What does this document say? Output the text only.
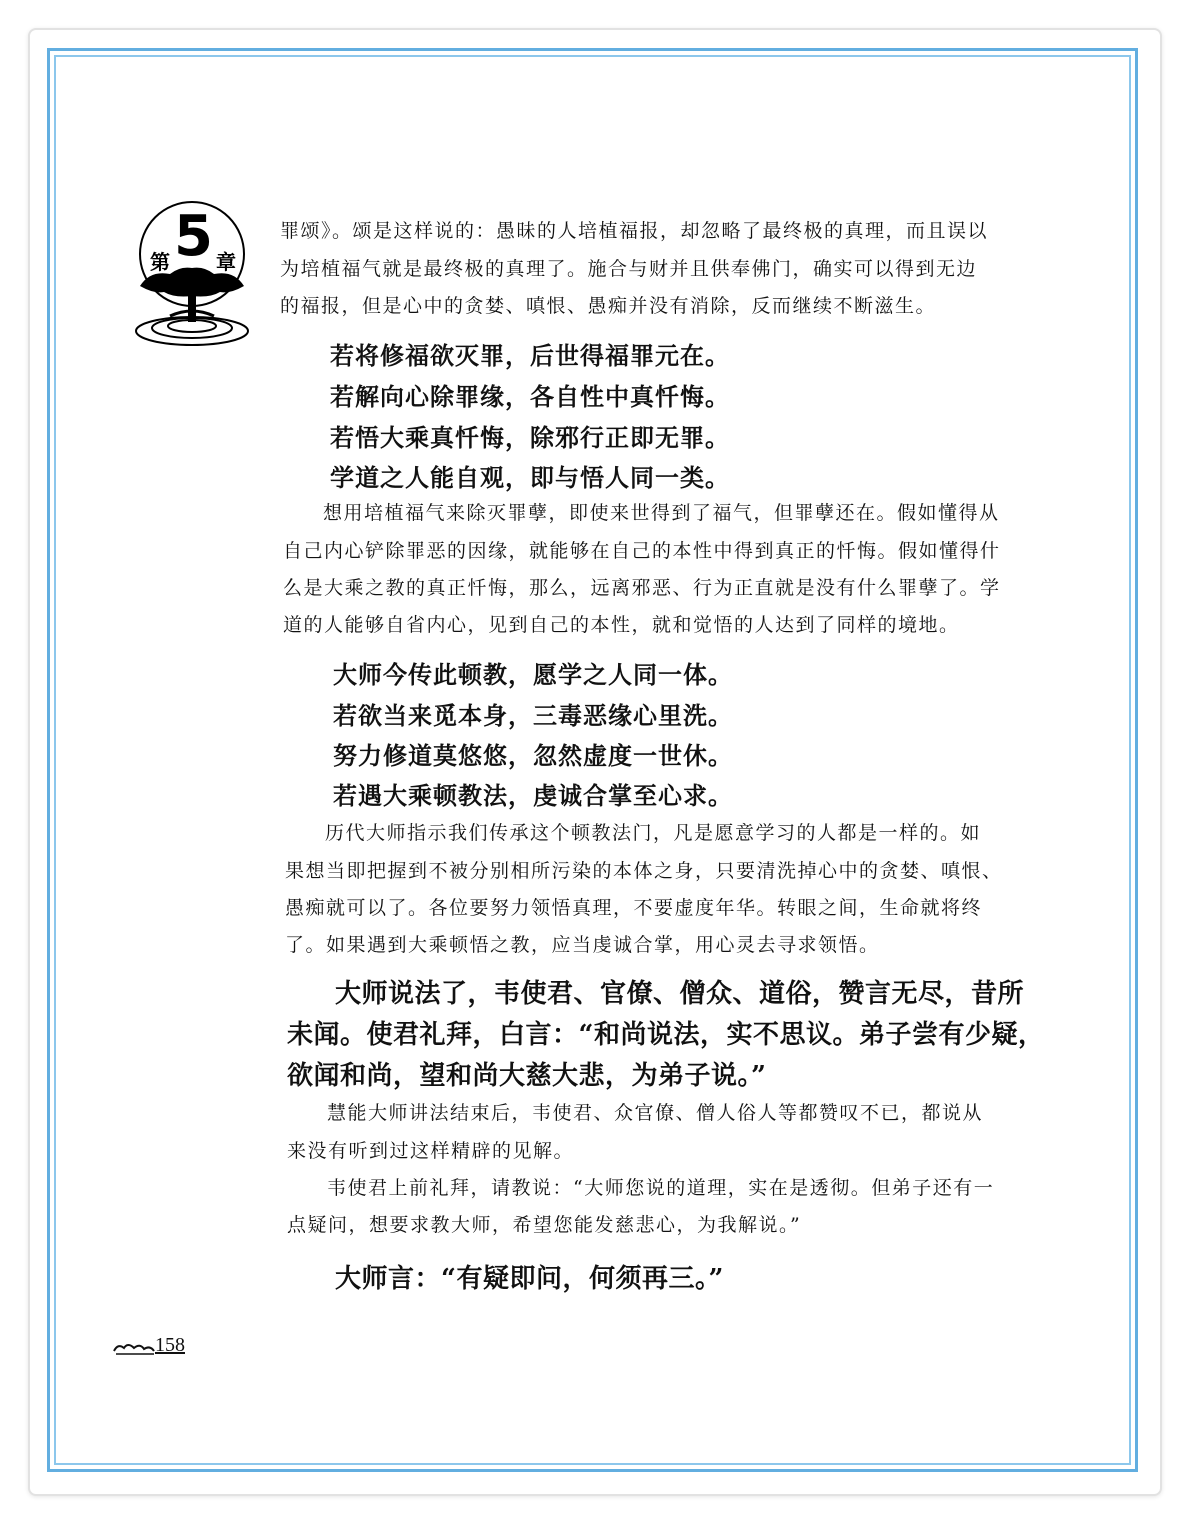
第 5 章
罪颂》。颂是这样说的：愚昧的人培植福报，却忽略了最终极的真理，而且误以
为培植福气就是最终极的真理了。施合与财并且供奉佛门，确实可以得到无边
的福报，但是心中的贪婪、嗔恨、愚痴并没有消除，反而继续不断滋生。
若将修福欲灭罪，后世得福罪元在。
若解向心除罪缘，各自性中真忏悔。
若悟大乘真忏悔，除邪行正即无罪。
学道之人能自观，即与悟人同一类。
想用培植福气来除灭罪孽，即使来世得到了福气，但罪孽还在。假如懂得从
自己内心铲除罪恶的因缘，就能够在自己的本性中得到真正的忏悔。假如懂得什
么是大乘之教的真正忏悔，那么，远离邪恶、行为正直就是没有什么罪孽了。学
道的人能够自省内心，见到自己的本性，就和觉悟的人达到了同样的境地。
大师今传此顿教，愿学之人同一体。
若欲当来觅本身，三毒恶缘心里洗。
努力修道莫悠悠，忽然虚度一世休。
若遇大乘顿教法，虔诚合掌至心求。
历代大师指示我们传承这个顿教法门，凡是愿意学习的人都是一样的。如
果想当即把握到不被分别相所污染的本体之身，只要清洗掉心中的贪婪、嗔恨、
愚痴就可以了。各位要努力领悟真理，不要虚度年华。转眼之间，生命就将终
了。如果遇到大乘顿悟之教，应当虔诚合掌，用心灵去寻求领悟。
大师说法了，韦使君、官僚、僧众、道俗，赞言无尽，昔所
未闻。使君礼拜，白言：“和尚说法，实不思议。弟子尝有少疑，
欲闻和尚，望和尚大慈大悲，为弟子说。”
慧能大师讲法结束后，韦使君、众官僚、僧人俗人等都赞叹不已，都说从
来没有听到过这样精辟的见解。
韦使君上前礼拜，请教说：“大师您说的道理，实在是透彻。但弟子还有一
点疑问，想要求教大师，希望您能发慈悲心，为我解说。”
大师言：“有疑即问，何须再三。”
158
